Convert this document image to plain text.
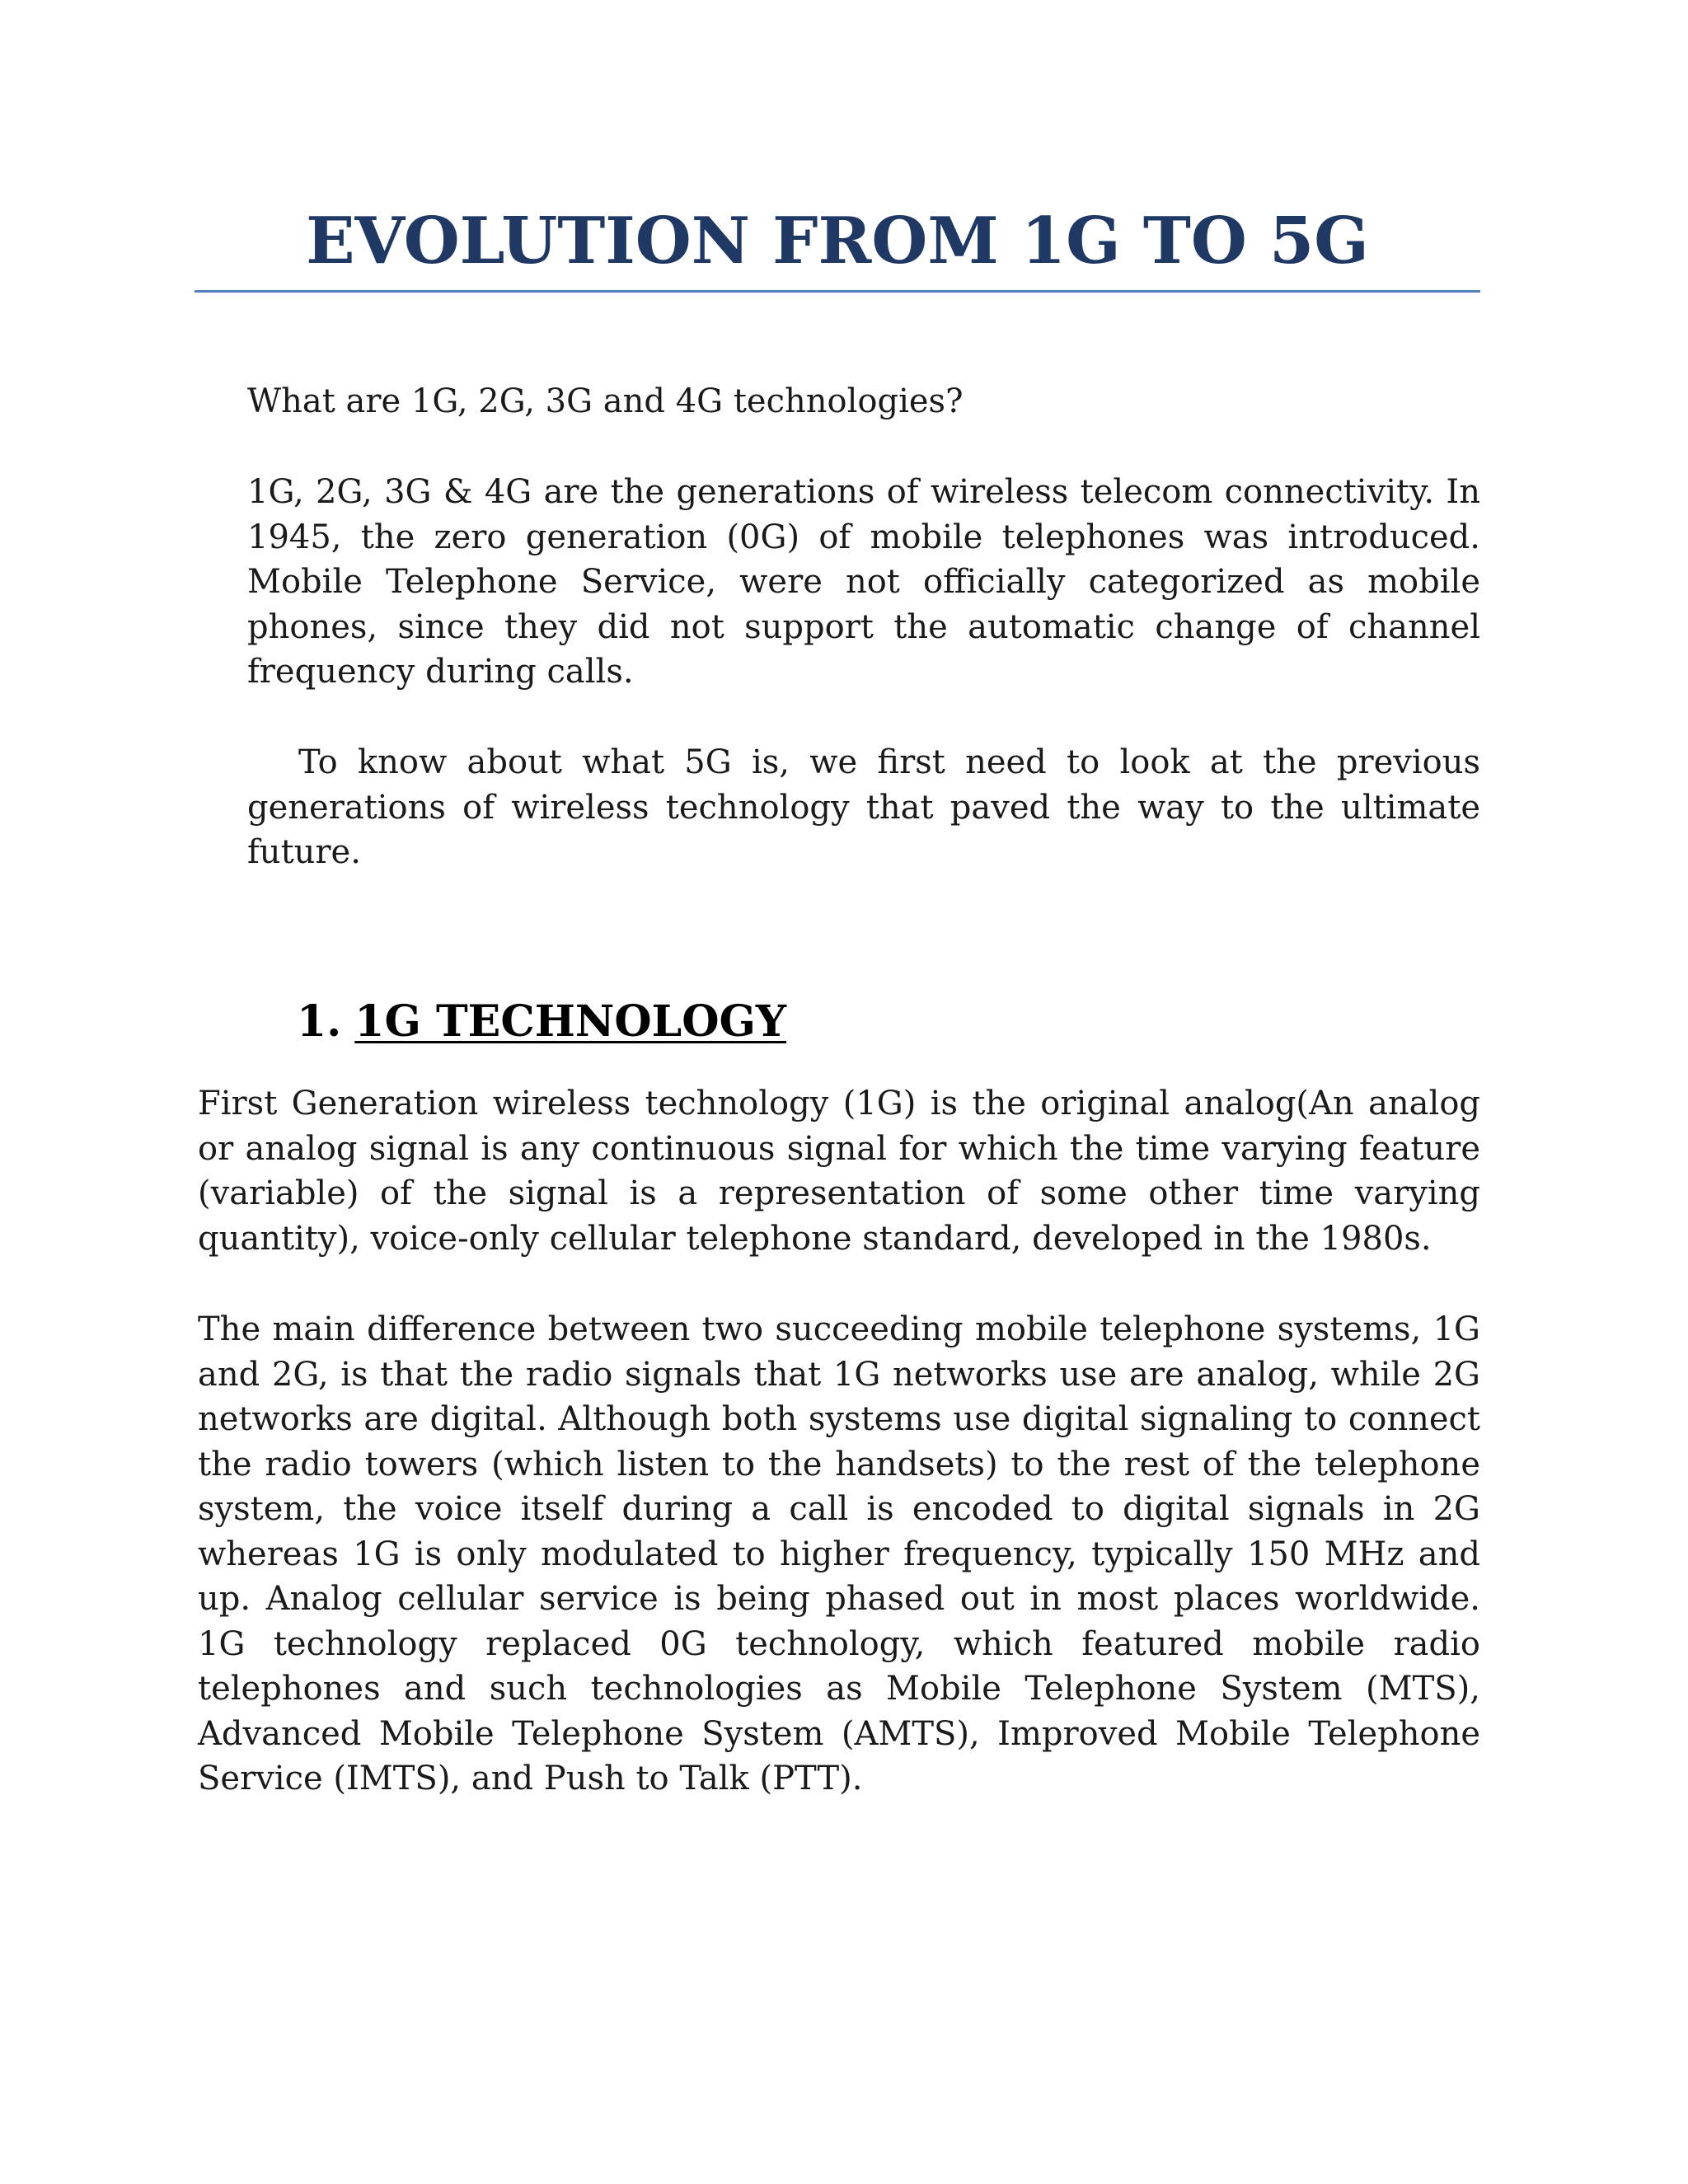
EVOLUTION FROM 1G TO 5G

What are 1G, 2G, 3G and 4G technologies?

1G, 2G, 3G & 4G are the generations of wireless telecom connectivity. In 1945, the zero generation (0G) of mobile telephones was introduced. Mobile Telephone Service, were not officially categorized as mobile phones, since they did not support the automatic change of channel frequency during calls.

To know about what 5G is, we first need to look at the previous generations of wireless technology that paved the way to the ultimate future.

1. 1G TECHNOLOGY

First Generation wireless technology (1G) is the original analog(An analog or analog signal is any continuous signal for which the time varying feature (variable) of the signal is a representation of some other time varying quantity), voice-only cellular telephone standard, developed in the 1980s.

The main difference between two succeeding mobile telephone systems, 1G and 2G, is that the radio signals that 1G networks use are analog, while 2G networks are digital. Although both systems use digital signaling to connect the radio towers (which listen to the handsets) to the rest of the telephone system, the voice itself during a call is encoded to digital signals in 2G whereas 1G is only modulated to higher frequency, typically 150 MHz and up. Analog cellular service is being phased out in most places worldwide. 1G technology replaced 0G technology, which featured mobile radio telephones and such technologies as Mobile Telephone System (MTS), Advanced Mobile Telephone System (AMTS), Improved Mobile Telephone Service (IMTS), and Push to Talk (PTT).
